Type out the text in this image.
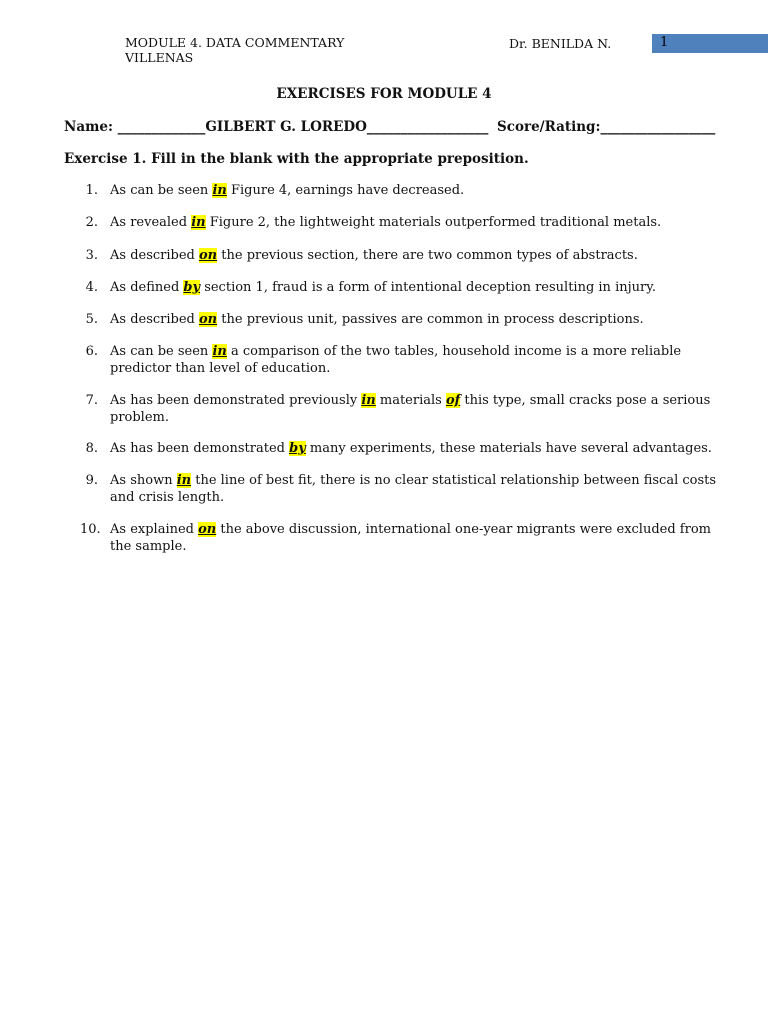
MODULE 4. DATA COMMENTARY	Dr. BENILDA N.
VILLENAS
1
EXERCISES FOR MODULE 4
Name: _____________GILBERT G. LOREDO__________________ Score/Rating:_________________
Exercise 1. Fill in the blank with the appropriate preposition.
1. As can be seen in Figure 4, earnings have decreased.
2. As revealed in Figure 2, the lightweight materials outperformed traditional metals.
3. As described on the previous section, there are two common types of abstracts.
4. As defined by section 1, fraud is a form of intentional deception resulting in injury.
5. As described on the previous unit, passives are common in process descriptions.
6. As can be seen in a comparison of the two tables, household income is a more reliable predictor than level of education.
7. As has been demonstrated previously in materials of this type, small cracks pose a serious problem.
8. As has been demonstrated by many experiments, these materials have several advantages.
9. As shown in the line of best fit, there is no clear statistical relationship between fiscal costs and crisis length.
10. As explained on the above discussion, international one-year migrants were excluded from the sample.
